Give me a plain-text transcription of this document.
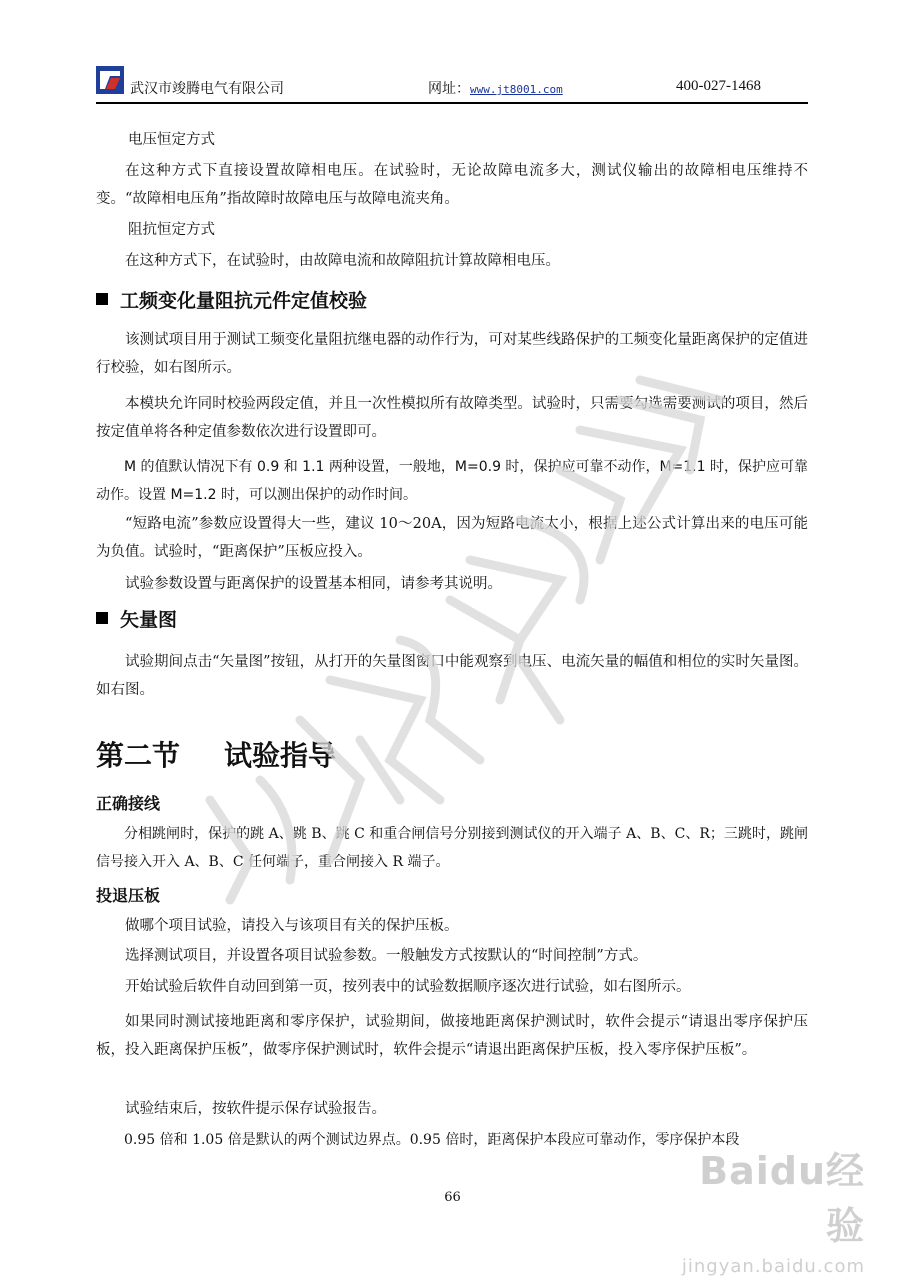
武汉市竣腾电气有限公司	网址：www.jt8001.com	400-027-1468
电压恒定方式
在这种方式下直接设置故障相电压。在试验时，无论故障电流多大，测试仪输出的故障相电压维持不变。“故障相电压角”指故障时故障电压与故障电流夹角。
阻抗恒定方式
在这种方式下，在试验时，由故障电流和故障阻抗计算故障相电压。
工频变化量阻抗元件定值校验
该测试项目用于测试工频变化量阻抗继电器的动作行为，可对某些线路保护的工频变化量距离保护的定值进行校验，如右图所示。
本模块允许同时校验两段定值，并且一次性模拟所有故障类型。试验时，只需要勾选需要测试的项目，然后按定值单将各种定值参数依次进行设置即可。
M 的值默认情况下有 0.9 和 1.1 两种设置，一般地，M=0.9 时，保护应可靠不动作，M=1.1 时，保护应可靠动作。设置 M=1.2 时，可以测出保护的动作时间。
“短路电流”参数应设置得大一些，建议 10～20A，因为短路电流太小，根据上述公式计算出来的电压可能为负值。试验时，“距离保护”压板应投入。
试验参数设置与距离保护的设置基本相同，请参考其说明。
矢量图
试验期间点击“矢量图”按钮，从打开的矢量图窗口中能观察到电压、电流矢量的幅值和相位的实时矢量图。如右图。
第二节 试验指导
正确接线
分相跳闸时，保护的跳 A、跳 B、跳 C 和重合闸信号分别接到测试仪的开入端子 A、B、C、R；三跳时，跳闸信号接入开入 A、B、C 任何端子，重合闸接入 R 端子。
投退压板
做哪个项目试验，请投入与该项目有关的保护压板。
选择测试项目，并设置各项目试验参数。一般触发方式按默认的“时间控制”方式。
开始试验后软件自动回到第一页，按列表中的试验数据顺序逐次进行试验，如右图所示。
如果同时测试接地距离和零序保护，试验期间，做接地距离保护测试时，软件会提示“请退出零序保护压板，投入距离保护压板”，做零序保护测试时，软件会提示“请退出距离保护压板，投入零序保护压板”。
试验结束后，按软件提示保存试验报告。
0.95 倍和 1.05 倍是默认的两个测试边界点。0.95 倍时，距离保护本段应可靠动作，零序保护本段
66
Baidu经验
jingyan.baidu.com
